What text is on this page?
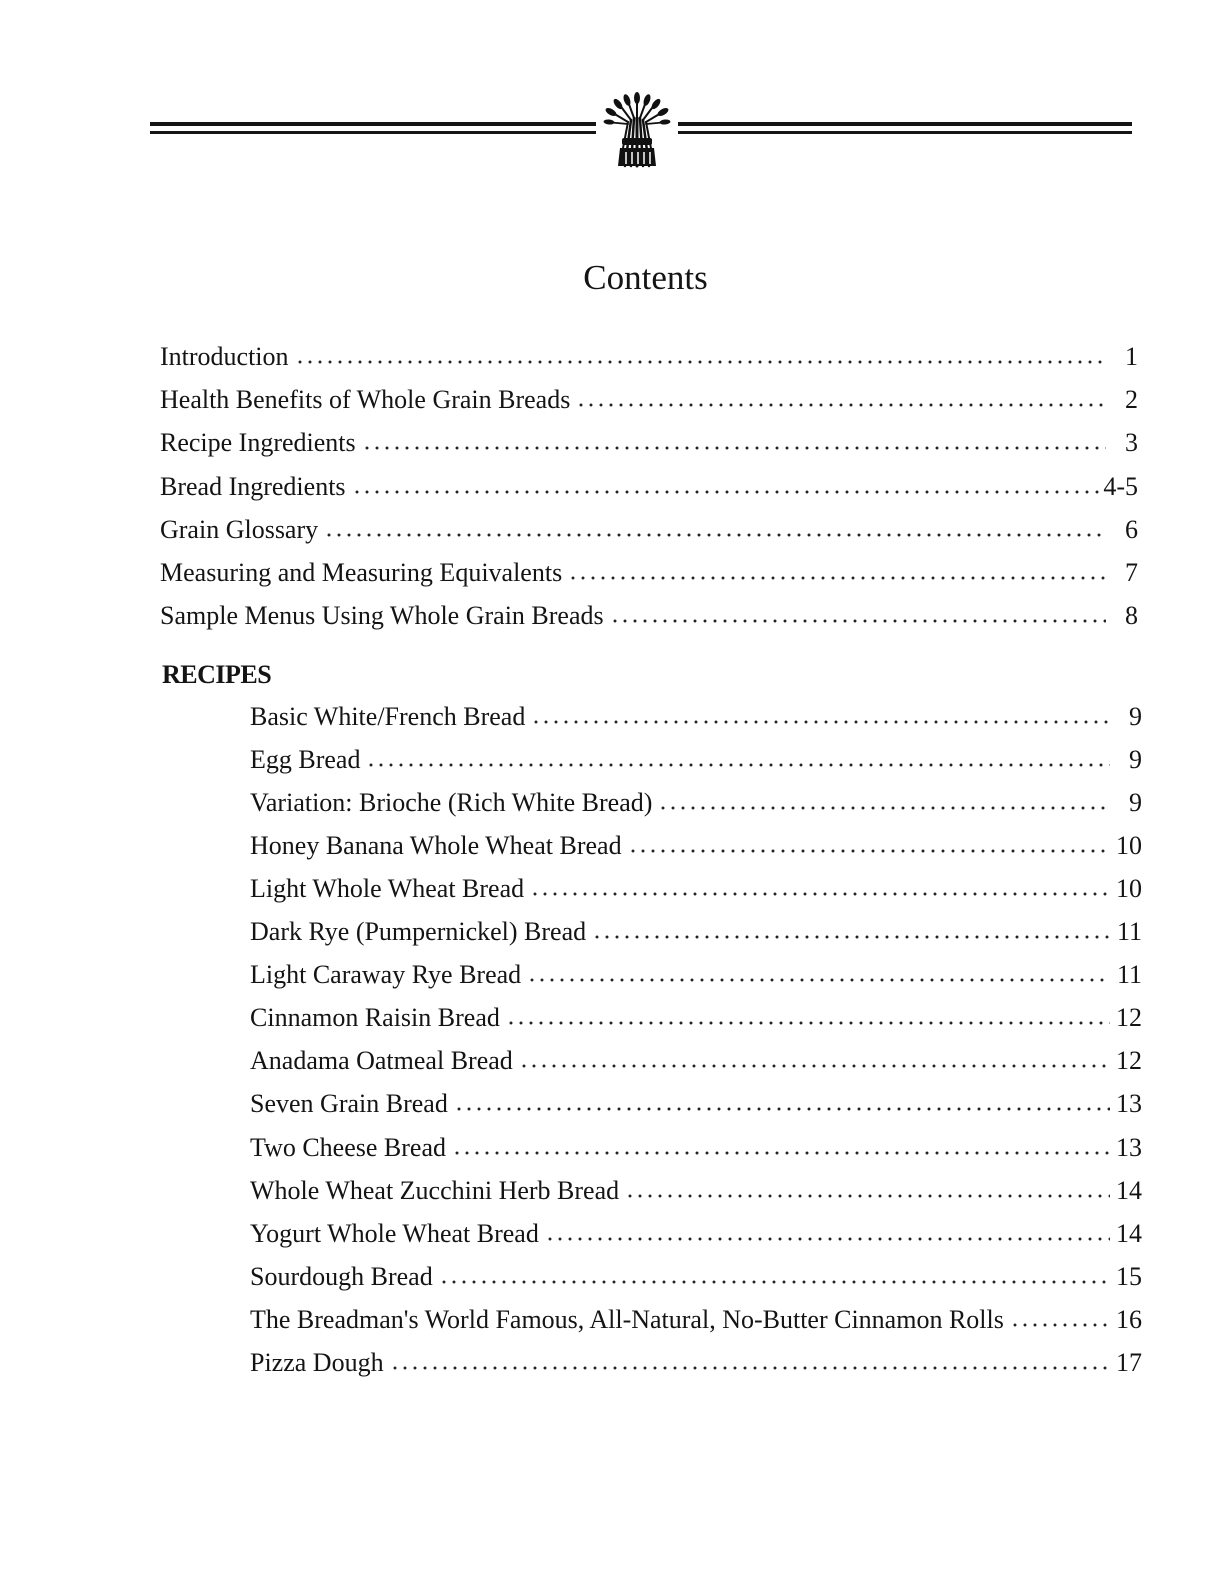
Contents
Introduction	1
Health Benefits of Whole Grain Breads	2
Recipe Ingredients	3
Bread Ingredients	4-5
Grain Glossary	6
Measuring and Measuring Equivalents	7
Sample Menus Using Whole Grain Breads	8
RECIPES
Basic White/French Bread	9
Egg Bread	9
Variation: Brioche (Rich White Bread)	9
Honey Banana Whole Wheat Bread	10
Light Whole Wheat Bread	10
Dark Rye (Pumpernickel) Bread	11
Light Caraway Rye Bread	11
Cinnamon Raisin Bread	12
Anadama Oatmeal Bread	12
Seven Grain Bread	13
Two Cheese Bread	13
Whole Wheat Zucchini Herb Bread	14
Yogurt Whole Wheat Bread	14
Sourdough Bread	15
The Breadman's World Famous, All-Natural, No-Butter Cinnamon Rolls	16
Pizza Dough	17
